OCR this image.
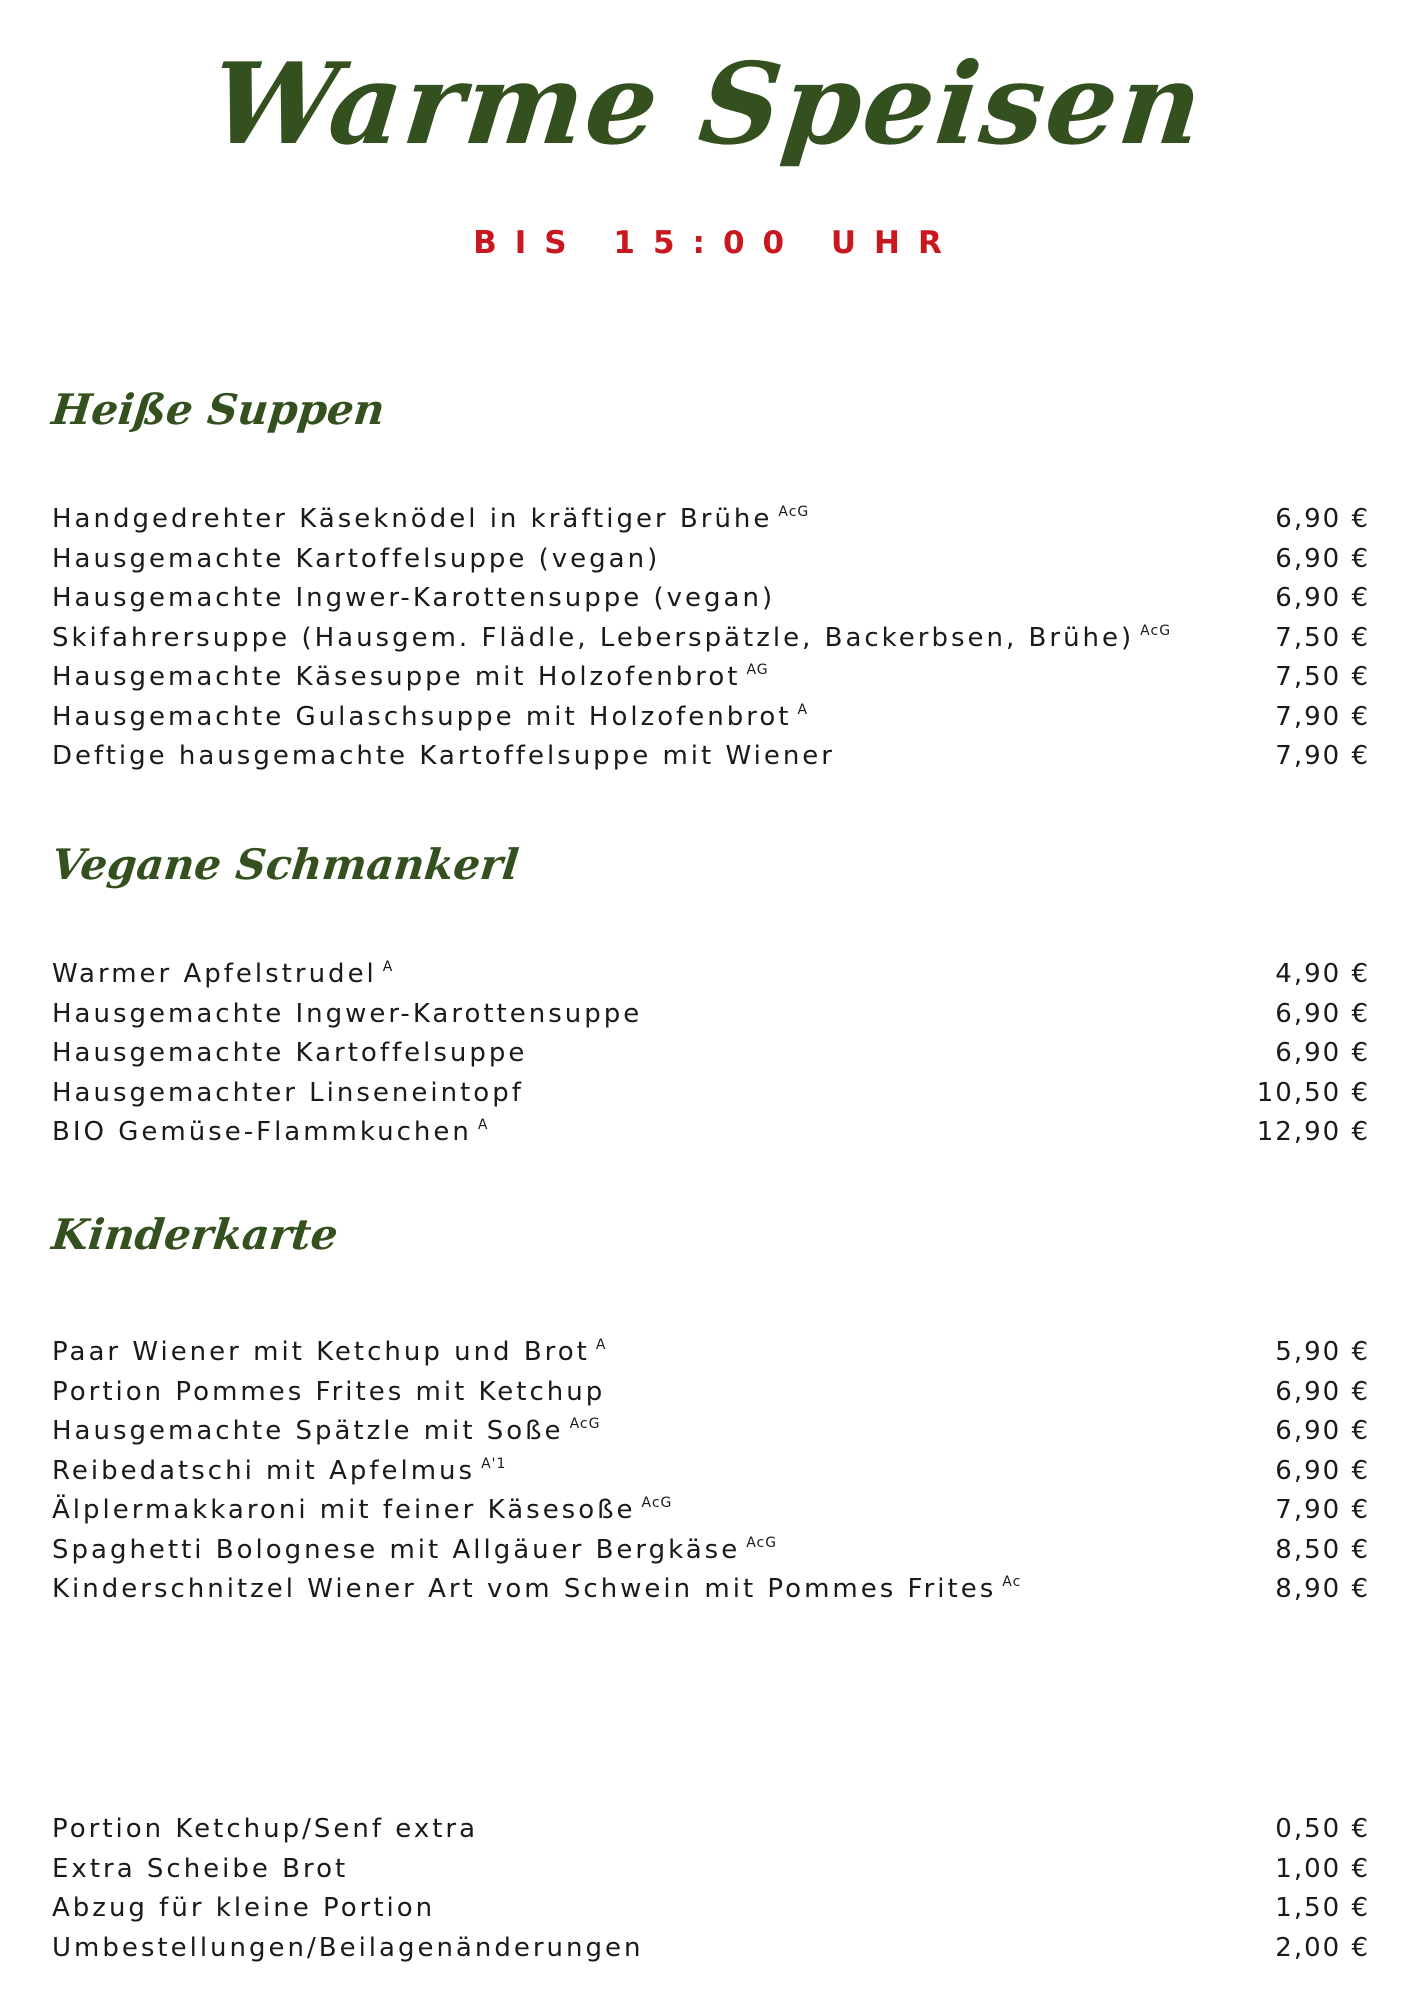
Warme Speisen
BIS 15:00 UHR
Heiße Suppen
Handgedrehter Käseknödel in kräftiger Brühe $^{AcG}$	6,90 €
Hausgemachte Kartoffelsuppe (vegan)	6,90 €
Hausgemachte Ingwer-Karottensuppe (vegan)	6,90 €
Skifahrersuppe (Hausgem. Flädle, Leberspätzle, Backerbsen, Brühe) $^{AcG}$	7,50 €
Hausgemachte Käsesuppe mit Holzofenbrot $^{AG}$	7,50 €
Hausgemachte Gulaschsuppe mit Holzofenbrot $^A$	7,90 €
Deftige hausgemachte Kartoffelsuppe mit Wiener	7,90 €
Vegane Schmankerl
Warmer Apfelstrudel $^A$	4,90 €
Hausgemachte Ingwer-Karottensuppe	6,90 €
Hausgemachte Kartoffelsuppe	6,90 €
Hausgemachter Linseneintopf	10,50 €
BIO Gemüse-Flammkuchen $^A$	12,90 €
Kinderkarte
Paar Wiener mit Ketchup und Brot $^A$	5,90 €
Portion Pommes Frites mit Ketchup	6,90 €
Hausgemachte Spätzle mit Soße $^{AcG}$	6,90 €
Reibedatschi mit Apfelmus $^{A'1}$	6,90 €
Älplermakkaroni mit feiner Käsesoße $^{AcG}$	7,90 €
Spaghetti Bolognese mit Allgäuer Bergkäse $^{AcG}$	8,50 €
Kinderschnitzel Wiener Art vom Schwein mit Pommes Frites $^{Ac}$	8,90 €
Portion Ketchup/Senf extra	0,50 €
Extra Scheibe Brot	1,00 €
Abzug für kleine Portion	1,50 €
Umbestellungen/Beilagenänderungen	2,00 €
